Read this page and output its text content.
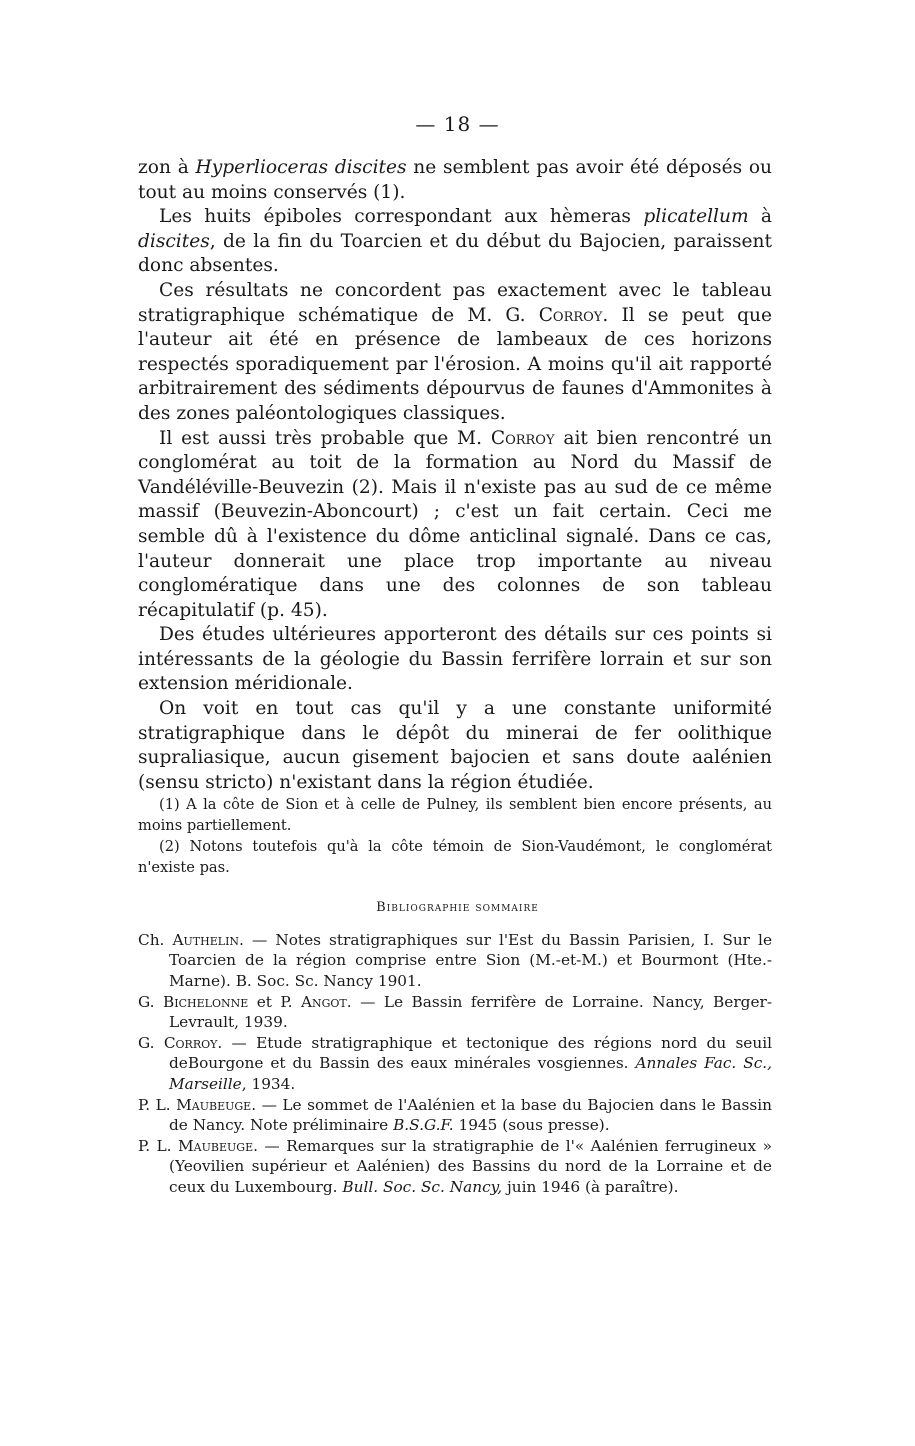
— 18 —

zon à Hyperlioceras discites ne semblent pas avoir été déposés ou tout au moins conservés (1).

Les huits épiboles correspondant aux hèmeras plicatellum à discites, de la fin du Toarcien et du début du Bajocien, paraissent donc absentes.

Ces résultats ne concordent pas exactement avec le tableau stratigraphique schématique de M. G. Corroy. Il se peut que l'auteur ait été en présence de lambeaux de ces horizons respectés sporadiquement par l'érosion. A moins qu'il ait rapporté arbitrairement des sédiments dépourvus de faunes d'Ammonites à des zones paléontologiques classiques.

Il est aussi très probable que M. Corroy ait bien rencontré un conglomérat au toit de la formation au Nord du Massif de Vandéléville-Beuvezin (2). Mais il n'existe pas au sud de ce même massif (Beuvezin-Aboncourt) ; c'est un fait certain. Ceci me semble dû à l'existence du dôme anticlinal signalé. Dans ce cas, l'auteur donnerait une place trop importante au niveau conglomératique dans une des colonnes de son tableau récapitulatif (p. 45).

Des études ultérieures apporteront des détails sur ces points si intéressants de la géologie du Bassin ferrifère lorrain et sur son extension méridionale.

On voit en tout cas qu'il y a une constante uniformité stratigraphique dans le dépôt du minerai de fer oolithique supraliasique, aucun gisement bajocien et sans doute aalénien (sensu stricto) n'existant dans la région étudiée.

(1) A la côte de Sion et à celle de Pulney, ils semblent bien encore présents, au moins partiellement.

(2) Notons toutefois qu'à la côte témoin de Sion-Vaudémont, le conglomérat n'existe pas.

Bibliographie sommaire

Ch. Authelin. — Notes stratigraphiques sur l'Est du Bassin Parisien, I. Sur le Toarcien de la région comprise entre Sion (M.-et-M.) et Bourmont (Hte.-Marne). B. Soc. Sc. Nancy 1901.

G. Bichelonne et P. Angot. — Le Bassin ferrifère de Lorraine. Nancy, Berger-Levrault, 1939.

G. Corroy. — Etude stratigraphique et tectonique des régions nord du seuil deBourgone et du Bassin des eaux minérales vosgiennes. Annales Fac. Sc., Marseille, 1934.

P. L. Maubeuge. — Le sommet de l'Aalénien et la base du Bajocien dans le Bassin de Nancy. Note préliminaire B.S.G.F. 1945 (sous presse).

P. L. Maubeuge. — Remarques sur la stratigraphie de l'« Aalénien ferrugineux » (Yeovilien supérieur et Aalénien) des Bassins du nord de la Lorraine et de ceux du Luxembourg. Bull. Soc. Sc. Nancy, juin 1946 (à paraître).
